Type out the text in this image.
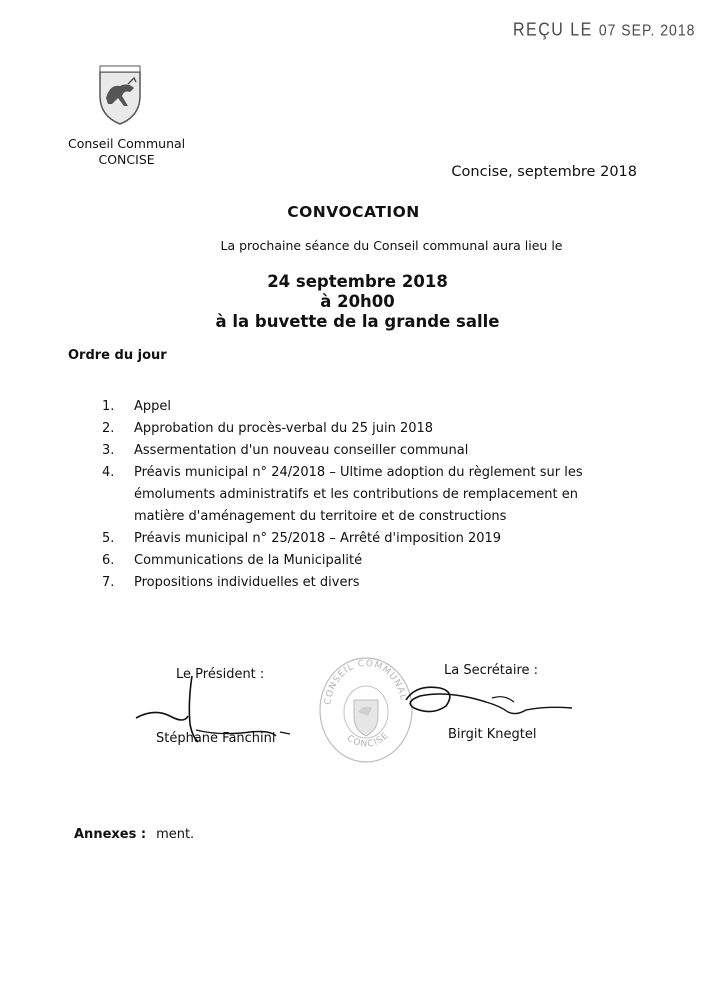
REÇU LE 07 SEP. 2018
Conseil Communal
CONCISE
Concise, septembre 2018
CONVOCATION
La prochaine séance du Conseil communal aura lieu le
24 septembre 2018
à 20h00
à la buvette de la grande salle
Ordre du jour
1. Appel
2. Approbation du procès-verbal du 25 juin 2018
3. Assermentation d'un nouveau conseiller communal
4. Préavis municipal n° 24/2018 – Ultime adoption du règlement sur les émoluments administratifs et les contributions de remplacement en matière d'aménagement du territoire et de constructions
5. Préavis municipal n° 25/2018 – Arrêté d'imposition 2019
6. Communications de la Municipalité
7. Propositions individuelles et divers
CONSEIL COMMUNAL
CONCISE
Le Président :	La Secrétaire :
Stéphane Fanchini	Birgit Knegtel
Annexes : ment.
